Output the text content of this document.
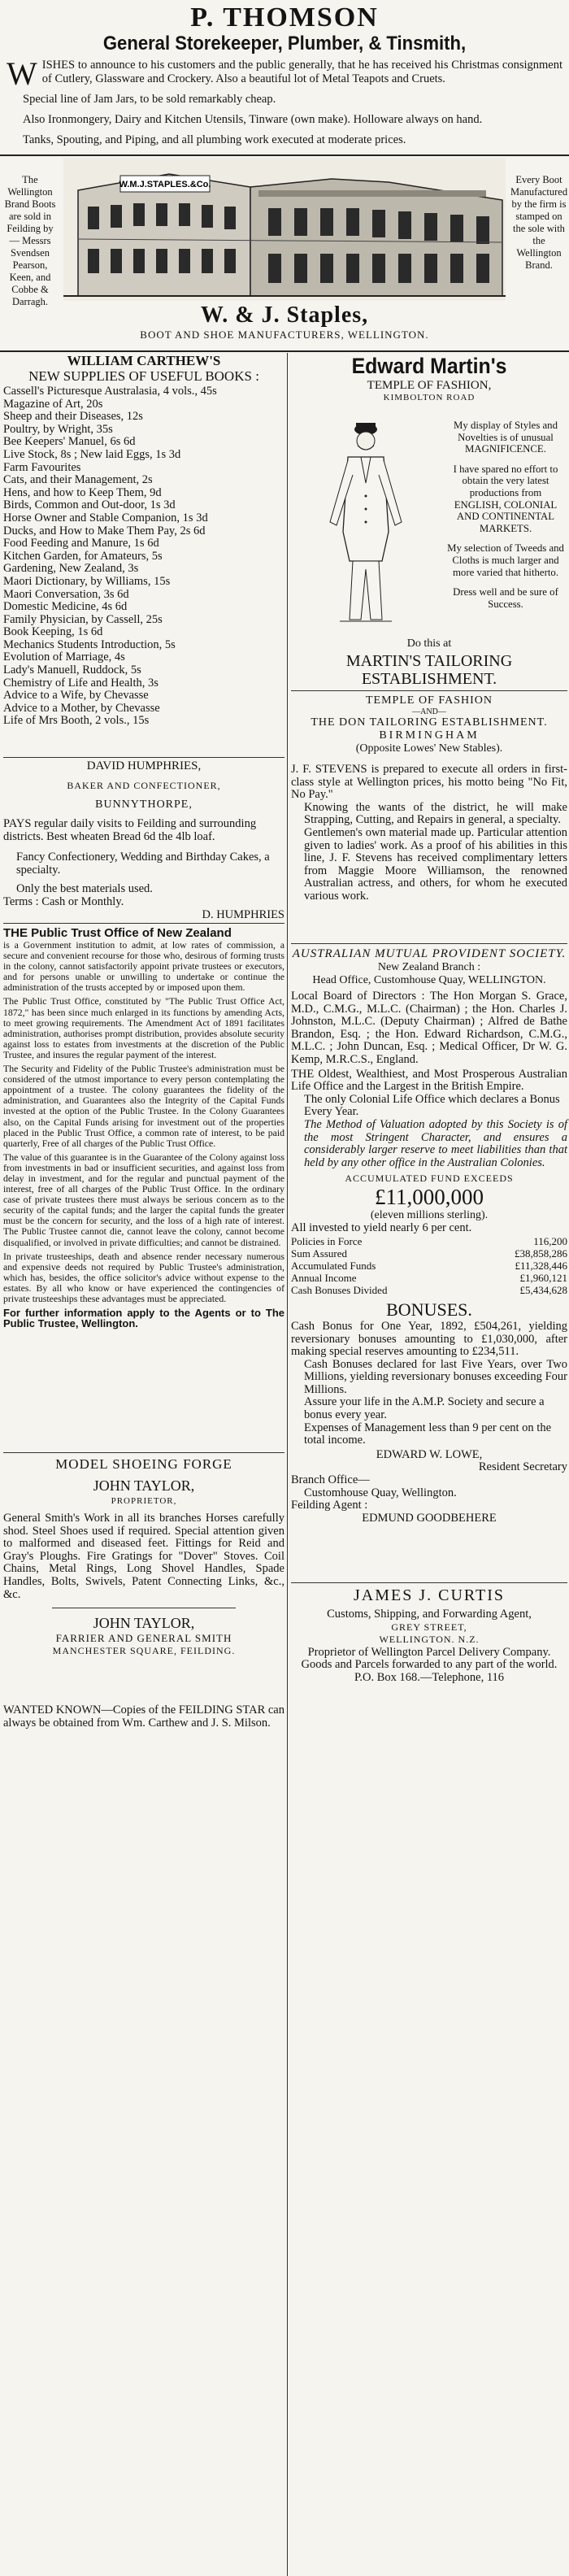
P. THOMSON
General Storekeeper, Plumber, & Tinsmith,
W ISHES to announce to his customers and the public generally, that he has received his Christmas consignment of Cutlery, Glassware and Crockery. Also a beautiful lot of Metal Teapots and Cruets.
Special line of Jam Jars, to be sold remarkably cheap.
Also Ironmongery, Dairy and Kitchen Utensils, Tinware (own make). Holloware always on hand.
Tanks, Spouting, and Piping, and all plumbing work executed at moderate prices.
The Wellington Brand Boots are sold in Feilding by — Messrs Svendsen Pearson, Keen, and Cobbe & Darragh.
W.M.J.STAPLES.&Co.	Every Boot Manufactured by the firm is stamped on the sole with the Wellington Brand.
W. & J. Staples,
BOOT AND SHOE MANUFACTURERS, WELLINGTON.
WILLIAM CARTHEW'S
NEW SUPPLIES OF USEFUL BOOKS :

Cassell's Picturesque Australasia, 4 vols., 45s

Magazine of Art, 20s

Sheep and their Diseases, 12s

Poultry, by Wright, 35s

Bee Keepers' Manuel, 6s 6d

Live Stock, 8s ; New laid Eggs, 1s 3d

Farm Favourites

Cats, and their Management, 2s

Hens, and how to Keep Them, 9d

Birds, Common and Out-door, 1s 3d

Horse Owner and Stable Companion, 1s 3d

Ducks, and How to Make Them Pay, 2s 6d

Food Feeding and Manure, 1s 6d

Kitchen Garden, for Amateurs, 5s

Gardening, New Zealand, 3s

Maori Dictionary, by Williams, 15s

Maori Conversation, 3s 6d

Domestic Medicine, 4s 6d

Family Physician, by Cassell, 25s

Book Keeping, 1s 6d

Mechanics Students Introduction, 5s

Evolution of Marriage, 4s

Lady's Manuell, Ruddock, 5s

Chemistry of Life and Health, 3s

Advice to a Wife, by Chevasse

Advice to a Mother, by Chevasse

Life of Mrs Booth, 2 vols., 15s

DAVID HUMPHRIES,
BAKER AND CONFECTIONER,
BUNNYTHORPE,

PAYS regular daily visits to Feilding and surrounding districts. Best wheaten Bread 6d the 4lb loaf.

Fancy Confectionery, Wedding and Birthday Cakes, a specialty.

Only the best materials used.

Terms : Cash or Monthly.

D. HUMPHRIES

THE Public Trust Office of New Zealand

is a Government institution to admit, at low rates of commission, a secure and convenient recourse for those who, desirous of forming trusts in the colony, cannot satisfactorily appoint private trustees or executors, and for persons unable or unwilling to undertake or continue the administration of the trusts accepted by or imposed upon them.

The Public Trust Office, constituted by "The Public Trust Office Act, 1872," has been since much enlarged in its functions by amending Acts, to meet growing requirements. The Amendment Act of 1891 facilitates administration, authorises prompt distribution, provides absolute security against loss to estates from investments at the discretion of the Public Trustee, and insures the regular payment of the interest.

The Security and Fidelity of the Public Trustee's administration must be considered of the utmost importance to every person contemplating the appointment of a trustee. The colony guarantees the fidelity of the administration, and Guarantees also the Integrity of the Capital Funds invested at the option of the Public Trustee. In the Colony Guarantees also, on the Capital Funds arising for investment out of the properties placed in the Public Trust Office, a common rate of interest, to be paid quarterly, Free of all charges of the Public Trust Office.

The value of this guarantee is in the Guarantee of the Colony against loss from investments in bad or insufficient securities, and against loss from delay in investment, and for the regular and punctual payment of the interest, free of all charges of the Public Trust Office. In the ordinary case of private trustees there must always be serious concern as to the security of the capital funds; and the larger the capital funds the greater must be the concern for security, and the loss of a high rate of interest. The Public Trustee cannot die, cannot leave the colony, cannot become disqualified, or involved in private difficulties; and cannot be distrained.

In private trusteeships, death and absence render necessary numerous and expensive deeds not required by Public Trustee's administration, which has, besides, the office solicitor's advice without expense to the estates. By all who know or have experienced the contingencies of private trusteeships these advantages must be appreciated.

For further information apply to the Agents or to The Public Trustee, Wellington.

MODEL SHOEING FORGE
JOHN TAYLOR,
PROPRIETOR,

General Smith's Work in all its branches Horses carefully shod. Steel Shoes used if required. Special attention given to malformed and diseased feet. Fittings for Reid and Gray's Ploughs. Fire Gratings for "Dover" Stoves. Coil Chains, Metal Rings, Long Shovel Handles, Spade Handles, Bolts, Swivels, Patent Connecting Links, &c., &c.

JOHN TAYLOR,
FARRIER AND GENERAL SMITH
MANCHESTER SQUARE, FEILDING.

WANTED KNOWN—Copies of the FEILDING STAR can always be obtained from Wm. Carthew and J. S. Milson.

Edward Martin's
TEMPLE OF FASHION,
KIMBOLTON ROAD

My display of Styles and Novelties is of unusual MAGNIFICENCE.

I have spared no effort to obtain the very latest productions from ENGLISH, COLONIAL AND CONTINENTAL MARKETS.

My selection of Tweeds and Cloths is much larger and more varied that hitherto.

Dress well and be sure of Success.

Do this at
MARTIN'S TAILORING ESTABLISHMENT.
TEMPLE OF FASHION
—AND—
THE DON TAILORING ESTABLISHMENT.
BIRMINGHAM
(Opposite Lowes' New Stables).

J. F. STEVENS is prepared to execute all orders in first-class style at Wellington prices, his motto being "No Fit, No Pay."

Knowing the wants of the district, he will make Strapping, Cutting, and Repairs in general, a specialty.

Gentlemen's own material made up. Particular attention given to ladies' work. As a proof of his abilities in this line, J. F. Stevens has received complimentary letters from Maggie Moore Williamson, the renowned Australian actress, and others, for whom he executed various work.

AUSTRALIAN MUTUAL PROVIDENT SOCIETY.
New Zealand Branch :
Head Office, Customhouse Quay, WELLINGTON.

Local Board of Directors : The Hon Morgan S. Grace, M.D., C.M.G., M.L.C. (Chairman) ; the Hon. Charles J. Johnston, M.L.C. (Deputy Chairman) ; Alfred de Bathe Brandon, Esq. ; the Hon. Edward Richardson, C.M.G., M.L.C. ; John Duncan, Esq. ; Medical Officer, Dr W. G. Kemp, M.R.C.S., England.

THE Oldest, Wealthiest, and Most Prosperous Australian Life Office and the Largest in the British Empire.

The only Colonial Life Office which declares a Bonus Every Year.

The Method of Valuation adopted by this Society is of the most Stringent Character, and ensures a considerably larger reserve to meet liabilities than that held by any other office in the Australian Colonies.

ACCUMULATED FUND EXCEEDS
£11,000,000
(eleven millions sterling).

All invested to yield nearly 6 per cent.

Policies in Force	116,200
Sum Assured	£38,858,286
Accumulated Funds	£11,328,446
Annual Income	£1,960,121
Cash Bonuses Divided	£5,434,628
BONUSES.

Cash Bonus for One Year, 1892, £504,261, yielding reversionary bonuses amounting to £1,030,000, after making special reserves amounting to £234,511.

Cash Bonuses declared for last Five Years, over Two Millions, yielding reversionary bonuses exceeding Four Millions.

Assure your life in the A.M.P. Society and secure a bonus every year.

Expenses of Management less than 9 per cent on the total income.

EDWARD W. LOWE,

Resident Secretary

Branch Office—

Customhouse Quay, Wellington.

Feilding Agent :

EDMUND GOODBEHERE

JAMES J. CURTIS

Customs, Shipping, and Forwarding Agent,

GREY STREET,

WELLINGTON. N.Z.

Proprietor of Wellington Parcel Delivery Company.

Goods and Parcels forwarded to any part of the world.

P.O. Box 168.—Telephone, 116
